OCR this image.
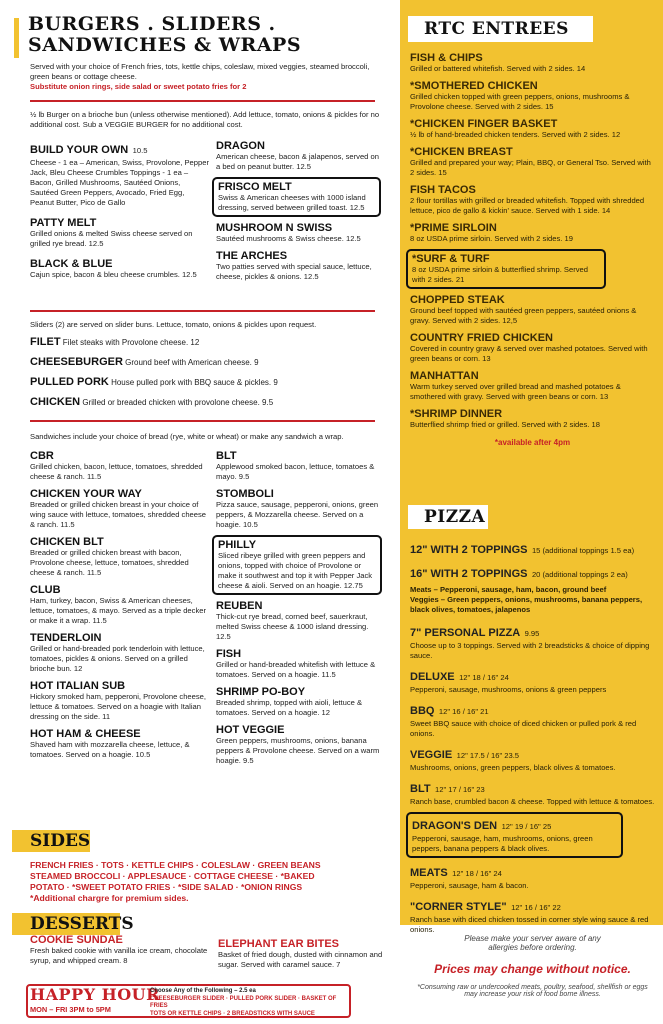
BURGERS . SLIDERS .
SANDWICHES & WRAPS
Served with your choice of French fries, tots, kettle chips, coleslaw, mixed veggies, steamed broccoli, green beans or cottage cheese.
Substitute onion rings, side salad or sweet potato fries for 2
½ lb Burger on a brioche bun (unless otherwise mentioned). Add lettuce, tomato, onions & pickles for no additional cost. Sub a VEGGIE BURGER for no additional cost.
BUILD YOUR OWN 10.5
Cheese - 1 ea – American, Swiss, Provolone, Pepper Jack, Bleu Cheese Crumbles Toppings - 1 ea – Bacon, Grilled Mushrooms, Sautéed Onions, Sautéed Green Peppers, Avocado, Fried Egg, Peanut Butter, Pico de Gallo
PATTY MELT
Grilled onions & melted Swiss cheese served on grilled rye bread. 12.5
BLACK & BLUE
Cajun spice, bacon & bleu cheese crumbles. 12.5
DRAGON
American cheese, bacon & jalapenos, served on a bed on peanut butter. 12.5
FRISCO MELT
Swiss & American cheeses with 1000 island dressing, served between grilled toast. 12.5
MUSHROOM N SWISS
Sautéed mushrooms & Swiss cheese. 12.5
THE ARCHES
Two patties served with special sauce, lettuce, cheese, pickles & onions. 12.5
Sliders (2) are served on slider buns. Lettuce, tomato, onions & pickles upon request.
FILET Filet steaks with Provolone cheese. 12
CHEESEBURGER Ground beef with American cheese. 9
PULLED PORK House pulled pork with BBQ sauce & pickles. 9
CHICKEN Grilled or breaded chicken with provolone cheese. 9.5
Sandwiches include your choice of bread (rye, white or wheat) or make any sandwich a wrap.
CBR
Grilled chicken, bacon, lettuce, tomatoes, shredded cheese & ranch. 11.5
CHICKEN YOUR WAY
Breaded or grilled chicken breast in your choice of wing sauce with lettuce, tomatoes, shredded cheese & ranch. 11.5
CHICKEN BLT
Breaded or grilled chicken breast with bacon, Provolone cheese, lettuce, tomatoes, shredded cheese & ranch. 11.5
CLUB
Ham, turkey, bacon, Swiss & American cheeses, lettuce, tomatoes, & mayo. Served as a triple decker or make it a wrap. 11.5
TENDERLOIN
Grilled or hand-breaded pork tenderloin with lettuce, tomatoes, pickles & onions. Served on a grilled brioche bun. 12
HOT ITALIAN SUB
Hickory smoked ham, pepperoni, Provolone cheese, lettuce & tomatoes. Served on a hoagie with Italian dressing on the side. 11
HOT HAM & CHEESE
Shaved ham with mozzarella cheese, lettuce, & tomatoes. Served on a hoagie. 10.5
BLT
Applewood smoked bacon, lettuce, tomatoes & mayo. 9.5
STOMBOLI
Pizza sauce, sausage, pepperoni, onions, green peppers, & Mozzarella cheese. Served on a hoagie. 10.5
PHILLY
Sliced ribeye grilled with green peppers and onions, topped with choice of Provolone or make it southwest and top it with Pepper Jack cheese & aioli. Served on an hoagie. 12.75
REUBEN
Thick-cut rye bread, corned beef, sauerkraut, melted Swiss cheese & 1000 island dressing. 12.5
FISH
Grilled or hand-breaded whitefish with lettuce & tomatoes. Served on a hoagie. 11.5
SHRIMP PO-BOY
Breaded shrimp, topped with aioli, lettuce & tomatoes. Served on a hoagie. 12
HOT VEGGIE
Green peppers, mushrooms, onions, banana peppers & Provolone cheese. Served on a warm hoagie. 9.5
SIDES
FRENCH FRIES · TOTS · KETTLE CHIPS · COLESLAW · GREEN BEANS
STEAMED BROCCOLI · APPLESAUCE · COTTAGE CHEESE · *BAKED
POTATO · *SWEET POTATO FRIES · *SIDE SALAD · *ONION RINGS
*Additional chargre for premium sides.
DESSERTS
COOKIE SUNDAE
Fresh baked cookie with vanilla ice cream, chocolate syrup, and whipped cream. 8
ELEPHANT EAR BITES
Basket of fried dough, dusted with cinnamon and sugar. Served with caramel sauce. 7
HAPPY HOUR
MON – FRI 3PM to 5PM
Choose Any of the Following – 2.5 ea
CHEESEBURGER SLIDER · PULLED PORK SLIDER · BASKET OF FRIES
TOTS OR KETTLE CHIPS · 2 BREADSTICKS WITH SAUCE
RTC ENTREES
FISH & CHIPS
Grilled or battered whitefish. Served with 2 sides. 14
*SMOTHERED CHICKEN
Grilled chicken topped with green peppers, onions, mushrooms & Provolone cheese. Served with 2 sides. 15
*CHICKEN FINGER BASKET
½ lb of hand-breaded chicken tenders. Served with 2 sides. 12
*CHICKEN BREAST
Grilled and prepared your way; Plain, BBQ, or General Tso. Served with 2 sides. 15
FISH TACOS
2 flour tortillas with grilled or breaded whitefish. Topped with shredded lettuce, pico de gallo & kickin' sauce. Served with 1 side. 14
*PRIME SIRLOIN
8 oz USDA prime sirloin. Served with 2 sides. 19
*SURF & TURF
8 oz USDA prime sirloin & butterflied shrimp. Served with 2 sides. 21
CHOPPED STEAK
Ground beef topped with sautéed green peppers, sautéed onions & gravy. Served with 2 sides. 12,5
COUNTRY FRIED CHICKEN
Covered in country gravy & served over mashed potatoes. Served with green beans or corn. 13
MANHATTAN
Warm turkey served over grilled bread and mashed potatoes & smothered with gravy. Served with green beans or corn. 13
*SHRIMP DINNER
Butterflied shrimp fried or grilled. Served with 2 sides. 18
*available after 4pm
PIZZA
12" WITH 2 TOPPINGS 15 (additional toppings 1.5 ea)
16" WITH 2 TOPPINGS 20 (additional toppings 2 ea)
Meats – Pepperoni, sausage, ham, bacon, ground beef
Veggies – Green peppers, onions, mushrooms, banana peppers, black olives, tomatoes, jalapenos
7" PERSONAL PIZZA 9.95
Choose up to 3 toppings. Served with 2 breadsticks & choice of dipping sauce.
DELUXE 12" 18 / 16" 24
Pepperoni, sausage, mushrooms, onions & green peppers
BBQ 12" 16 / 16" 21
Sweet BBQ sauce with choice of diced chicken or pulled pork & red onions.
VEGGIE 12" 17.5 / 16" 23.5
Mushrooms, onions, green peppers, black olives & tomatoes.
BLT 12" 17 / 16" 23
Ranch base, crumbled bacon & cheese. Topped with lettuce & tomatoes.
DRAGON'S DEN 12" 19 / 16" 25
Pepperoni, sausage, ham, mushrooms, onions, green peppers, banana peppers & black olives.
MEATS 12" 18 / 16" 24
Pepperoni, sausage, ham & bacon.
"CORNER STYLE" 12" 16 / 16" 22
Ranch base with diced chicken tossed in corner style wing sauce & red onions.
Please make your server aware of any allergies before ordering.
Prices may change without notice.
*Consuming raw or undercooked meats, poultry, seafood, shellfish or eggs may increase your risk of food borne illness.
